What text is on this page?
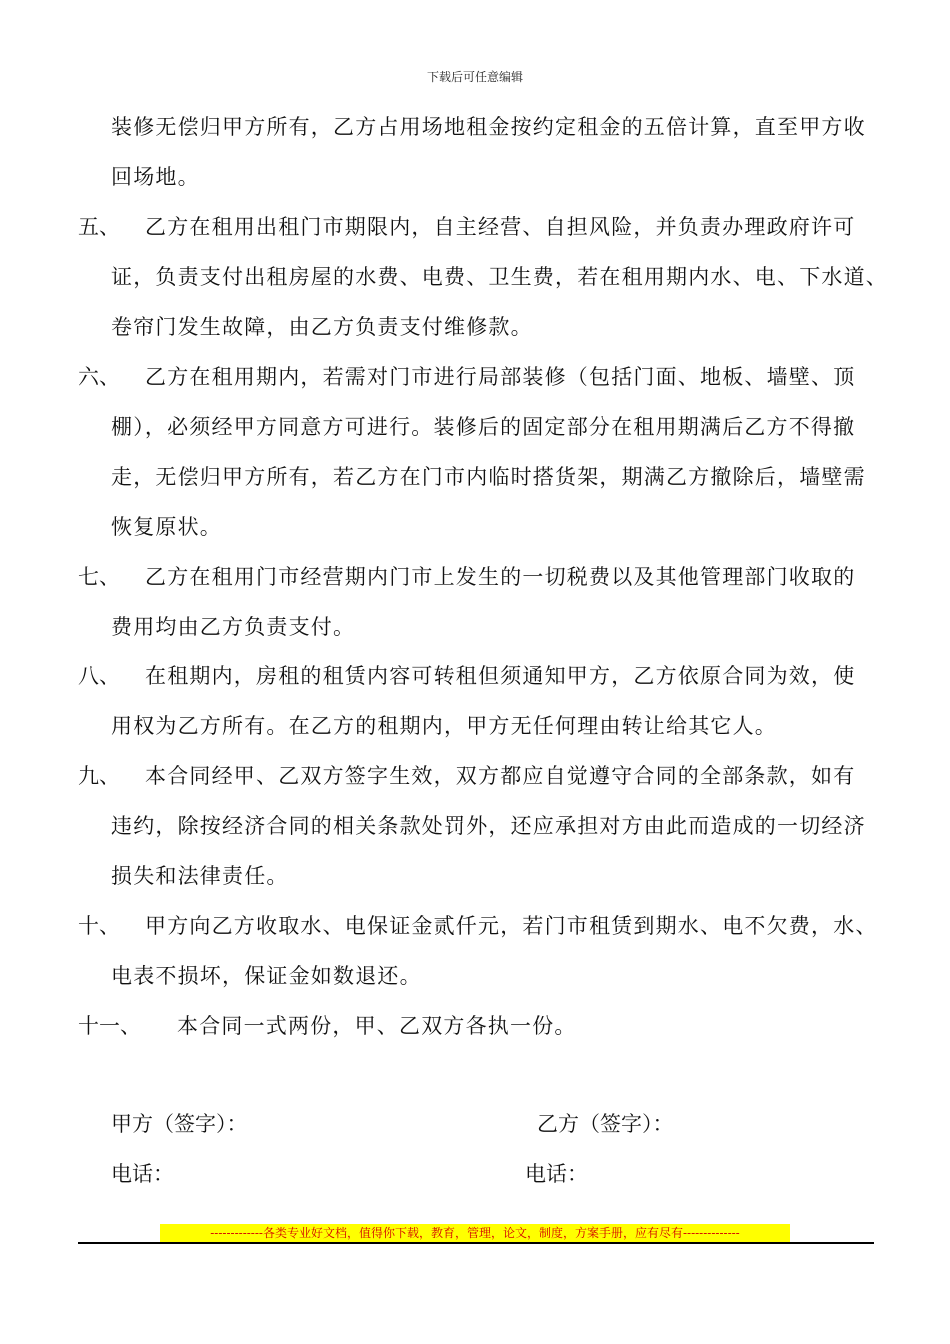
下载后可任意编辑
装修无偿归甲方所有，乙方占用场地租金按约定租金的五倍计算，直至甲方收
回场地。
五、 乙方在租用出租门市期限内，自主经营、自担风险，并负责办理政府许可
证，负责支付出租房屋的水费、电费、卫生费，若在租用期内水、电、下水道、
卷帘门发生故障，由乙方负责支付维修款。
六、 乙方在租用期内，若需对门市进行局部装修（包括门面、地板、墙壁、顶
棚），必须经甲方同意方可进行。装修后的固定部分在租用期满后乙方不得撤
走，无偿归甲方所有，若乙方在门市内临时搭货架，期满乙方撤除后，墙壁需
恢复原状。
七、 乙方在租用门市经营期内门市上发生的一切税费以及其他管理部门收取的
费用均由乙方负责支付。
八、 在租期内，房租的租赁内容可转租但须通知甲方，乙方依原合同为效，使
用权为乙方所有。在乙方的租期内，甲方无任何理由转让给其它人。
九、 本合同经甲、乙双方签字生效，双方都应自觉遵守合同的全部条款，如有
违约，除按经济合同的相关条款处罚外，还应承担对方由此而造成的一切经济
损失和法律责任。
十、 甲方向乙方收取水、电保证金贰仟元，若门市租赁到期水、电不欠费，水、
电表不损坏，保证金如数退还。
十一、 本合同一式两份，甲、乙双方各执一份。
甲方（签字）：	乙方（签字）：
电话：	电话：
-------------各类专业好文档，值得你下载，教育，管理，论文，制度，方案手册，应有尽有--------------
